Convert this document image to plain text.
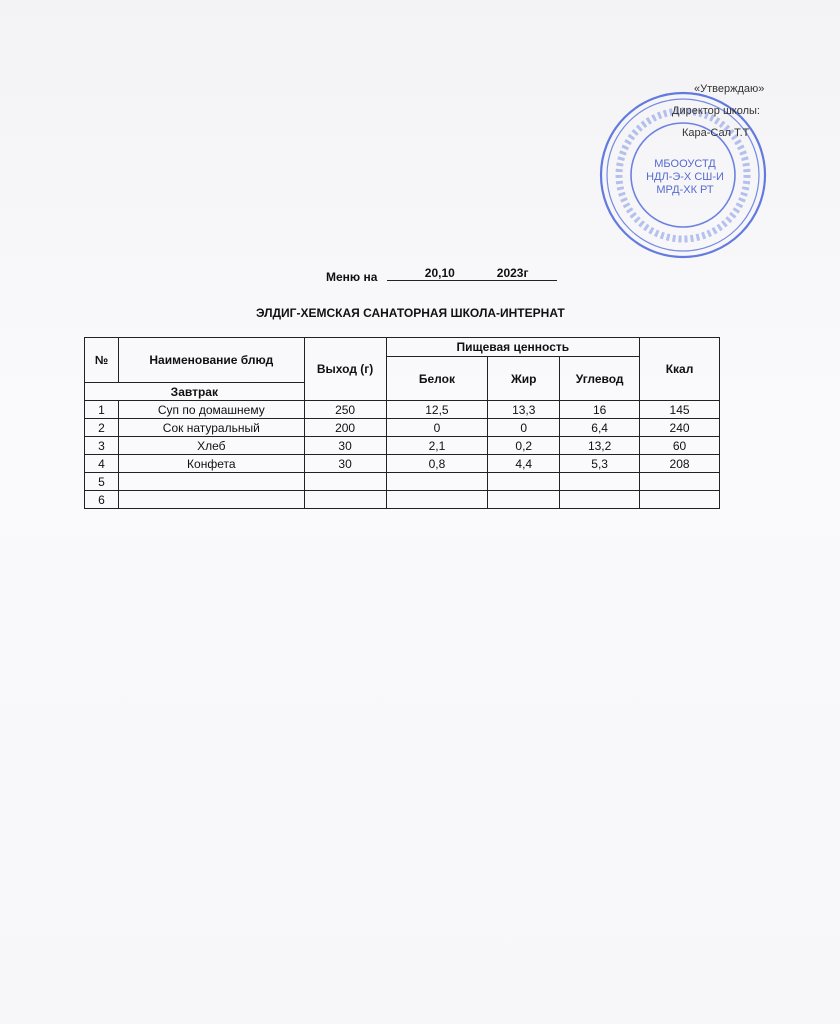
МБООУСТД
НДЛ-Э-Х СШ-И
МРД-ХК РТ
«Утверждаю»
Директор школы:
Кара-Сал Т.Т
Меню на	20,10	2023г
ЭЛДИГ-ХЕМСКАЯ САНАТОРНАЯ ШКОЛА-ИНТЕРНАТ
№	Наименование блюд	Выход (г)	Пищевая ценность			Ккал
			Белок	Жир	Углевод	
Завтрак						
1	Суп по домашнему	250	12,5	13,3	16	145
2	Сок натуральный	200	0	0	6,4	240
3	Хлеб	30	2,1	0,2	13,2	60
4	Конфета	30	0,8	4,4	5,3	208
5						
6						
